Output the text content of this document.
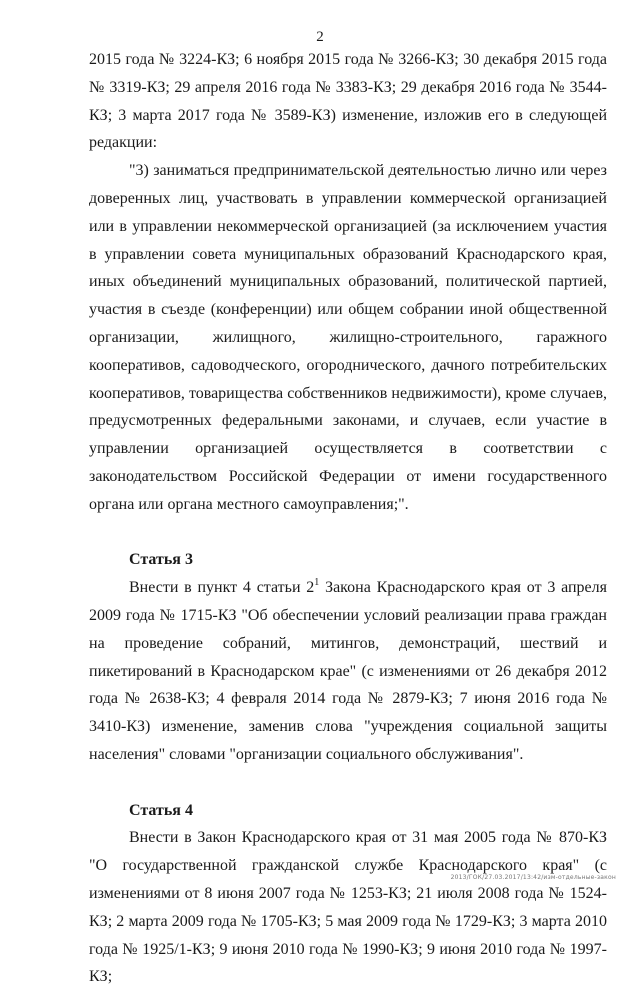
2

2015 года № 3224-КЗ; 6 ноября 2015 года № 3266-КЗ; 30 декабря 2015 года № 3319-КЗ; 29 апреля 2016 года № 3383-КЗ; 29 декабря 2016 года № 3544-КЗ; 3 марта 2017 года № 3589-КЗ) изменение, изложив его в следующей редакции:

"3) заниматься предпринимательской деятельностью лично или через доверенных лиц, участвовать в управлении коммерческой организацией или в управлении некоммерческой организацией (за исключением участия в управлении совета муниципальных образований Краснодарского края, иных объединений муниципальных образований, политической партией, участия в съезде (конференции) или общем собрании иной общественной организации, жилищного, жилищно-строительного, гаражного кооперативов, садоводческого, огороднического, дачного потребительских кооперативов, товарищества собственников недвижимости), кроме случаев, предусмотренных федеральными законами, и случаев, если участие в управлении организацией осуществляется в соответствии с законодательством Российской Федерации от имени государственного органа или органа местного самоуправления;".

Статья 3

Внести в пункт 4 статьи $2^1$ Закона Краснодарского края от 3 апреля 2009 года № 1715-КЗ "Об обеспечении условий реализации права граждан на проведение собраний, митингов, демонстраций, шествий и пикетирований в Краснодарском крае" (с изменениями от 26 декабря 2012 года № 2638-КЗ; 4 февраля 2014 года № 2879-КЗ; 7 июня 2016 года № 3410-КЗ) изменение, заменив слова "учреждения социальной защиты населения" словами "организации социального обслуживания".

Статья 4

Внести в Закон Краснодарского края от 31 мая 2005 года № 870-КЗ "О государственной гражданской службе Краснодарского края" (с изменениями от 8 июня 2007 года № 1253-КЗ; 21 июля 2008 года № 1524-КЗ; 2 марта 2009 года № 1705-КЗ; 5 мая 2009 года № 1729-КЗ; 3 марта 2010 года № 1925/1-КЗ; 9 июня 2010 года № 1990-КЗ; 9 июня 2010 года № 1997-КЗ;

2013/ГОК/27.03.2017/13:42/изм-отдельные-закон
